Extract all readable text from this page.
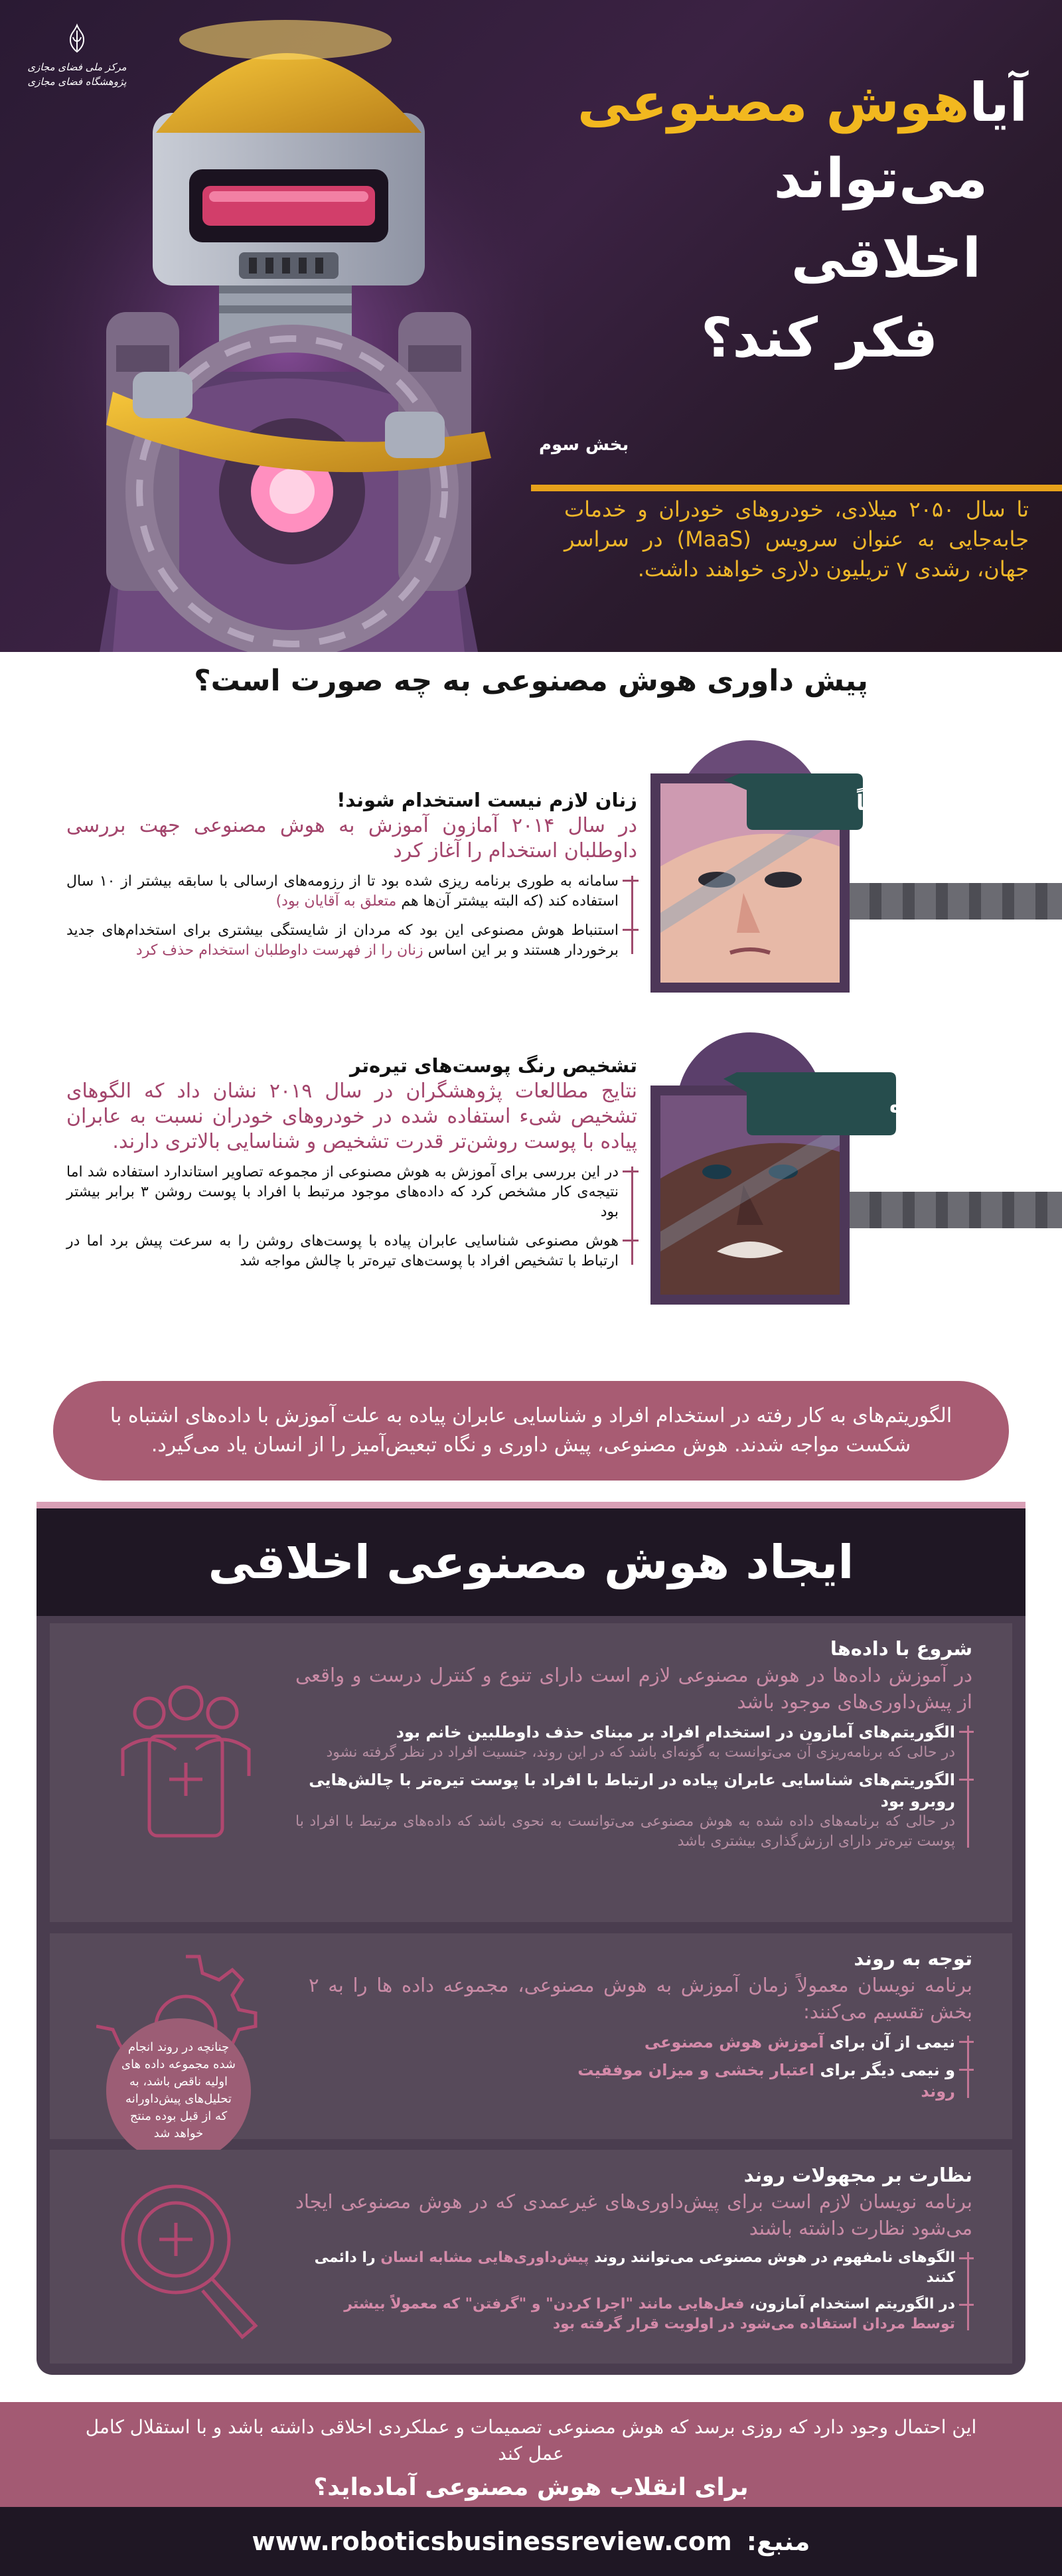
مرکز ملی فضای مجازی
پژوهشگاه فضای مجازی	آیاهوش مصنوعی
می‌تواند
اخلاقی
فکر کند؟
بخش سوم
تا سال ۲۰۵۰ میلادی، خودروهای خودران و خدمات جابه‌جایی به عنوان سرویس (MaaS) در سراسر جهان، رشدی ۷ تریلیون دلاری خواهند داشت.
پیش داوری هوش مصنوعی به چه صورت است؟
نفر بعد لطفاً
شناسایی‌نشده
زنان لازم نیست استخدام شوند!
در سال ۲۰۱۴ آمازون آموزش به هوش مصنوعی جهت بررسی داوطلبان استخدام را آغاز کرد
سامانه به طوری برنامه ریزی شده بود تا از رزومه‌های ارسالی با سابقه بیشتر از ۱۰ سال استفاده کند (که البته بیشتر آن‌ها هم متعلق به آقایان بود)
استنباط هوش مصنوعی این بود که مردان از شایستگی بیشتری برای استخدام‌های جدید برخوردار هستند و بر این اساس زنان را از فهرست داوطلبان استخدام حذف کرد
تشخیص رنگ پوست‌های تیره‌تر
نتایج مطالعات پژوهشگران در سال ۲۰۱۹ نشان داد که الگوهای تشخیص شیء استفاده شده در خودروهای خودران نسبت به عابران پیاده با پوست روشن‌تر قدرت تشخیص و شناسایی بالاتری دارند.
در این بررسی برای آموزش به هوش مصنوعی از مجموعه تصاویر استاندارد استفاده شد اما نتیجه‌ی کار مشخص کرد که داده‌های موجود مرتبط با افراد با پوست روشن ۳ برابر بیشتر بود
هوش مصنوعی شناسایی عابران پیاده با پوست‌های روشن را به سرعت پیش برد اما در ارتباط با تشخیص افراد با پوست‌های تیره‌تر با چالش مواجه شد
الگوریتم‌های به کار رفته در استخدام افراد و شناسایی عابران پیاده به علت آموزش با داده‌های اشتباه با شکست مواجه شدند. هوش مصنوعی، پیش داوری و نگاه تبعیض‌آمیز را از انسان یاد می‌گیرد.
ایجاد هوش مصنوعی اخلاقی
شروع با داده‌ها
در آموزش داده‌ها در هوش مصنوعی لازم است دارای تنوع و کنترل درست و واقعی از پیش‌داوری‌های موجود باشد
الگوریتم‌های آمازون در استخدام افراد بر مبنای حذف داوطلبین خانم بود
در حالی که برنامه‌ریزی آن می‌توانست به گونه‌ای باشد که در این روند، جنسیت افراد در نظر گرفته نشود
الگوریتم‌های شناسایی عابران پیاده در ارتباط با افراد با پوست تیره‌تر با چالش‌هایی روبرو بود
در حالی که برنامه‌های داده شده به هوش مصنوعی می‌توانست به نحوی باشد که داده‌های مرتبط با افراد با پوست تیره‌تر دارای ارزش‌گذاری بیشتری باشد
توجه به روند
برنامه نویسان معمولاً زمان آموزش به هوش مصنوعی، مجموعه داده ها را به ۲ بخش تقسیم می‌کنند:
نیمی از آن برای آموزش هوش مصنوعی
و نیمی دیگر برای اعتبار بخشی و میزان موفقیت روند
چنانچه در روند انجام شده مجموعه داده های اولیه ناقص باشد، به تحلیل‌های پیش‌داورانه که از قبل بوده منتج خواهد شد
نظارت بر مجهولات روند
برنامه نویسان لازم است برای پیش‌داوری‌های غیرعمدی که در هوش مصنوعی ایجاد می‌شود نظارت داشته باشند
الگوهای نامفهوم در هوش مصنوعی می‌توانند روند پیش‌داوری‌هایی مشابه انسان را دائمی کنند
در الگوریتم استخدام آمازون، فعل‌هایی مانند "اجرا کردن" و "گرفتن" که معمولاً بیشتر توسط مردان استفاده می‌شود در اولویت قرار گرفته بود
این احتمال وجود دارد که روزی برسد که هوش مصنوعی تصمیمات و عملکردی اخلاقی داشته باشد و با استقلال کامل عمل کند
برای انقلاب هوش مصنوعی آماده‌اید؟
www.roboticsbusinessreview.com منبع:
